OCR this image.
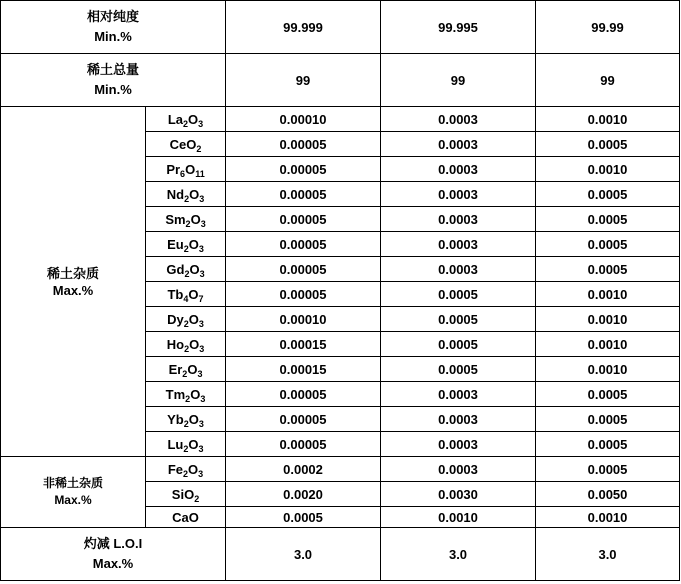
相对纯度
Min.%		99.999	99.995	99.99

稀土总量
Min.%		99	99	99

稀土杂质
Max.%	$La_2O_3$	0.00010	0.0003	0.0010
	CeO$_2$	0.00005	0.0003	0.0005
	$Pr_6O_{11}$	0.00005	0.0003	0.0010
	$Nd_2O_3$	0.00005	0.0003	0.0005
	$Sm_2O_3$	0.00005	0.0003	0.0005
	$Eu_2O_3$	0.00005	0.0003	0.0005
	$Gd_2O_3$	0.00005	0.0003	0.0005
	$Tb_4O_7$	0.00005	0.0005	0.0010
	$Dy_2O_3$	0.00010	0.0005	0.0010
	$Ho_2O_3$	0.00015	0.0005	0.0010
	$Er_2O_3$	0.00015	0.0005	0.0010
	$Tm_2O_3$	0.00005	0.0003	0.0005
	$Yb_2O_3$	0.00005	0.0003	0.0005
	$Lu_2O_3$	0.00005	0.0003	0.0005

非稀土杂质
Max.%	$Fe_2O_3$	0.0002	0.0003	0.0005
	SiO$_2$	0.0020	0.0030	0.0050
	CaO	0.0005	0.0010	0.0010

灼减 L.O.I
Max.%		3.0	3.0	3.0
